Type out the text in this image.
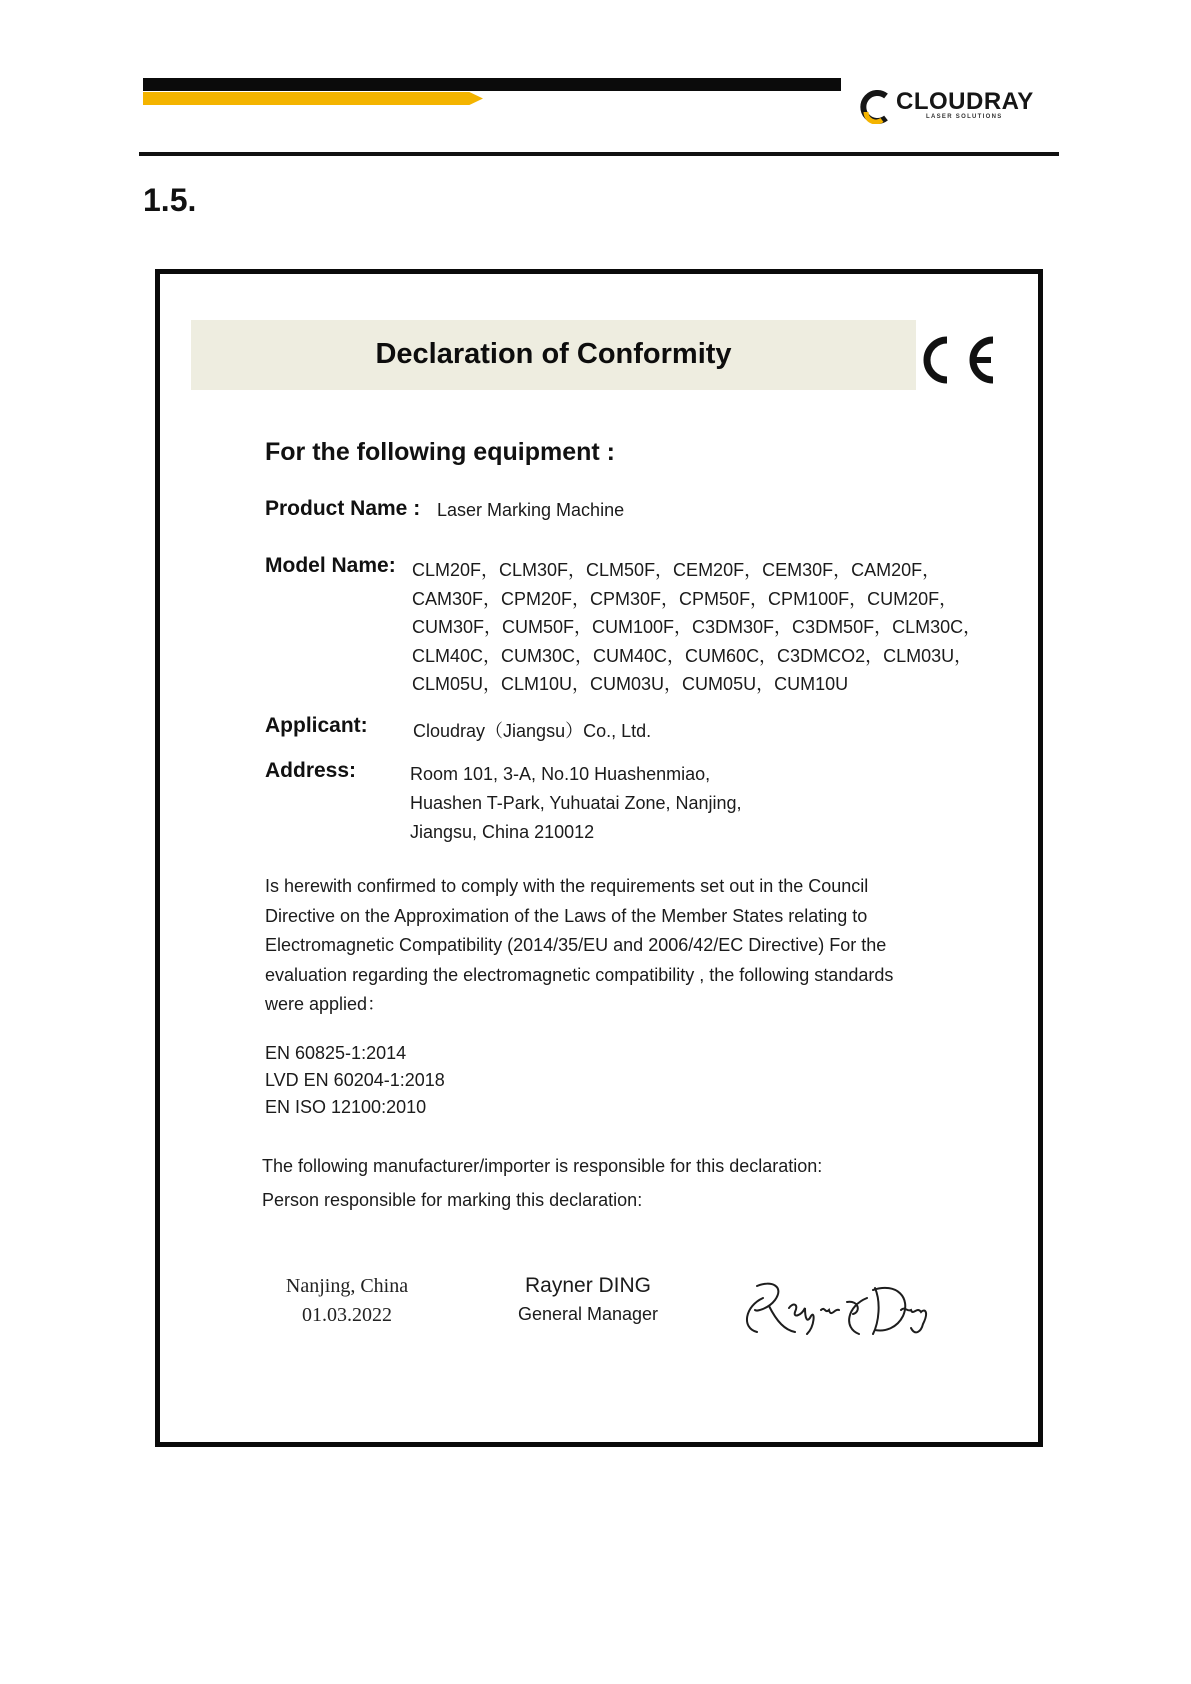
CLOUDRAY
LASER SOLUTIONS
1.5.
Declaration of Conformity
For the following equipment :
Product Name : Laser Marking Machine
Model Name: CLM20F，CLM30F，CLM50F，CEM20F，CEM30F，CAM20F，
CAM30F，CPM20F，CPM30F，CPM50F，CPM100F，CUM20F，
CUM30F，CUM50F，CUM100F，C3DM30F，C3DM50F，CLM30C，
CLM40C，CUM30C，CUM40C，CUM60C，C3DMCO2，CLM03U，
CLM05U，CLM10U，CUM03U，CUM05U，CUM10U
Applicant:	Cloudray（Jiangsu）Co., Ltd.
Address:	Room 101, 3-A, No.10 Huashenmiao,
Huashen T-Park, Yuhuatai Zone, Nanjing,
Jiangsu, China 210012
Is herewith confirmed to comply with the requirements set out in the Council
Directive on the Approximation of the Laws of the Member States relating to
Electromagnetic Compatibility (2014/35/EU and 2006/42/EC Directive) For the
evaluation regarding the electromagnetic compatibility , the following standards
were applied：
EN 60825-1:2014
LVD EN 60204-1:2018
EN ISO 12100:2010
The following manufacturer/importer is responsible for this declaration:
Person responsible for marking this declaration:
Nanjing, China
01.03.2022
Rayner DING
General Manager
